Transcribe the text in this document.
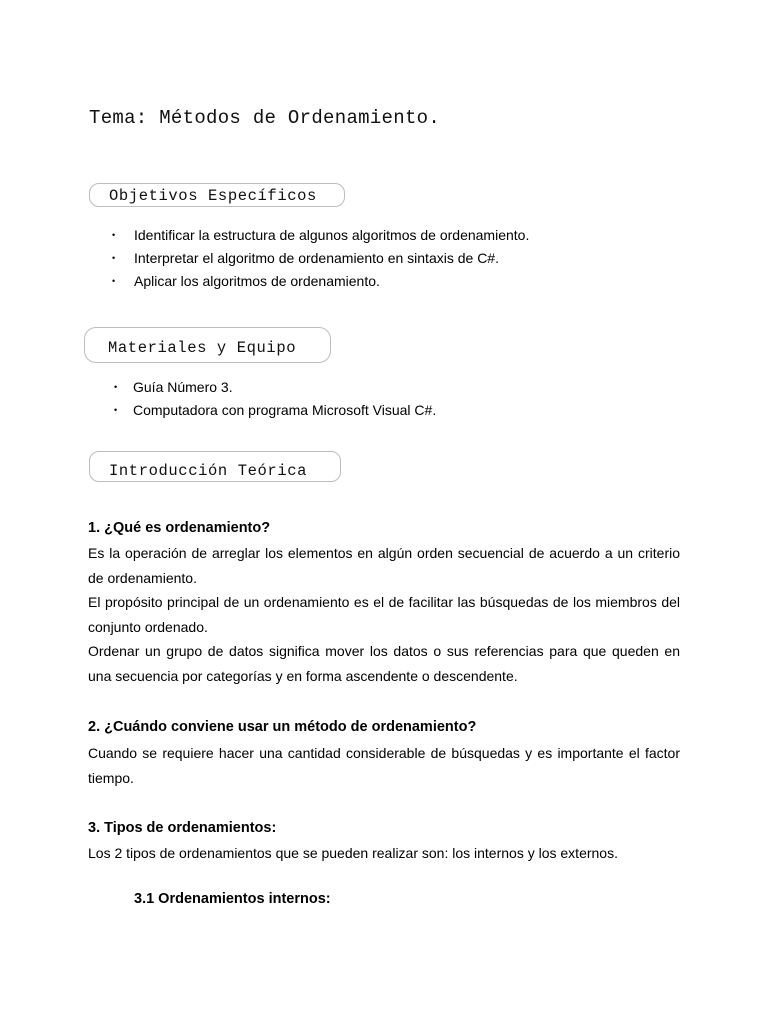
Tema: Métodos de Ordenamiento.
Objetivos Específicos
• Identificar la estructura de algunos algoritmos de ordenamiento.
• Interpretar el algoritmo de ordenamiento en sintaxis de C#.
• Aplicar los algoritmos de ordenamiento.
Materiales y Equipo
• Guía Número 3.
• Computadora con programa Microsoft Visual C#.
Introducción Teórica
1. ¿Qué es ordenamiento?

Es la operación de arreglar los elementos en algún orden secuencial de acuerdo a un criterio de ordenamiento.

El propósito principal de un ordenamiento es el de facilitar las búsquedas de los miembros del conjunto ordenado.

Ordenar un grupo de datos significa mover los datos o sus referencias para que queden en una secuencia por categorías y en forma ascendente o descendente.

2. ¿Cuándo conviene usar un método de ordenamiento?

Cuando se requiere hacer una cantidad considerable de búsquedas y es importante el factor tiempo.

3. Tipos de ordenamientos:

Los 2 tipos de ordenamientos que se pueden realizar son: los internos y los externos.

3.1 Ordenamientos internos:
